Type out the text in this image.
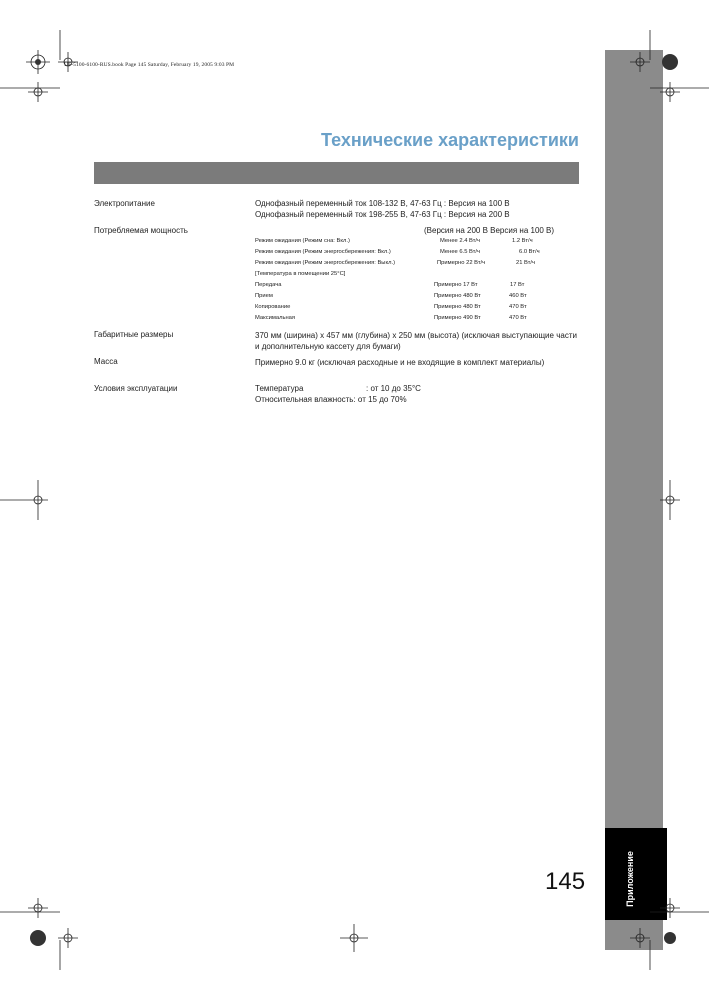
Приложение
UF-5100-6100-RUS.book Page 145 Saturday, February 19, 2005 9:03 PM
Технические характеристики
Электропитание	Однофазный переменный ток 108-132 В, 47-63 Гц : Версия на 100 В
Однофазный переменный ток 198-255 В, 47-63 Гц : Версия на 200 В
Потребляемая мощность	(Версия на 200 В Версия на 100 В)
Режим ожидания (Режим сна: Вкл.)	Менее 2.4 Вт/ч	1.2 Вт/ч
Режим ожидания (Режим энергосбережения: Вкл.)	Менее 6.5 Вт/ч	6.0 Вт/ч
Режим ожидания (Режим энергосбережения: Выкл.)	Примерно 22 Вт/ч	21 Вт/ч
[Температура в помещении 25°C]
Передача	Примерно 17 Вт	17 Вт
Прием	Примерно 480 Вт	460 Вт
Копирование	Примерно 480 Вт	470 Вт
Максимальная	Примерно 490 Вт	470 Вт
Габаритные размеры	370 мм (ширина) x 457 мм (глубина) x 250 мм (высота) (исключая выступающие части и дополнительную кассету для бумаги)
Масса	Примерно 9.0 кг (исключая расходные и не входящие в комплект материалы)
Условия эксплуатации	Температура	: от 10 до 35°C
Относительная влажность: от 15 до 70%
145
